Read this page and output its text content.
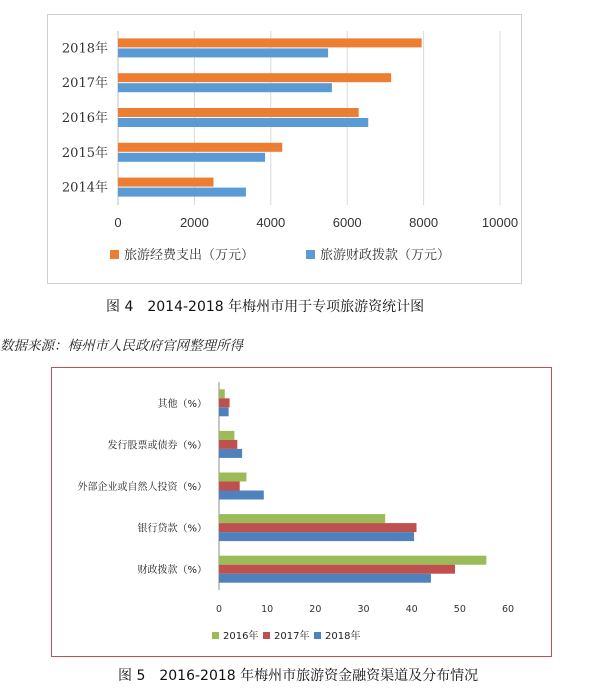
0	2000	4000	6000	8000	10000
2014年
2015年
2016年
2017年
2018年
旅游经费支出（万元）	旅游财政拨款（万元）
图 4 2014-2018 年梅州市用于专项旅游资统计图
数据来源：梅州市人民政府官网整理所得
0	10	20	30	40	50	60
其他（%）
发行股票或债券（%）
外部企业或自然人投资（%）
银行贷款（%）
财政拨款（%）
2016年 2017年 2018年
图 5 2016-2018 年梅州市旅游资金融资渠道及分布情况
